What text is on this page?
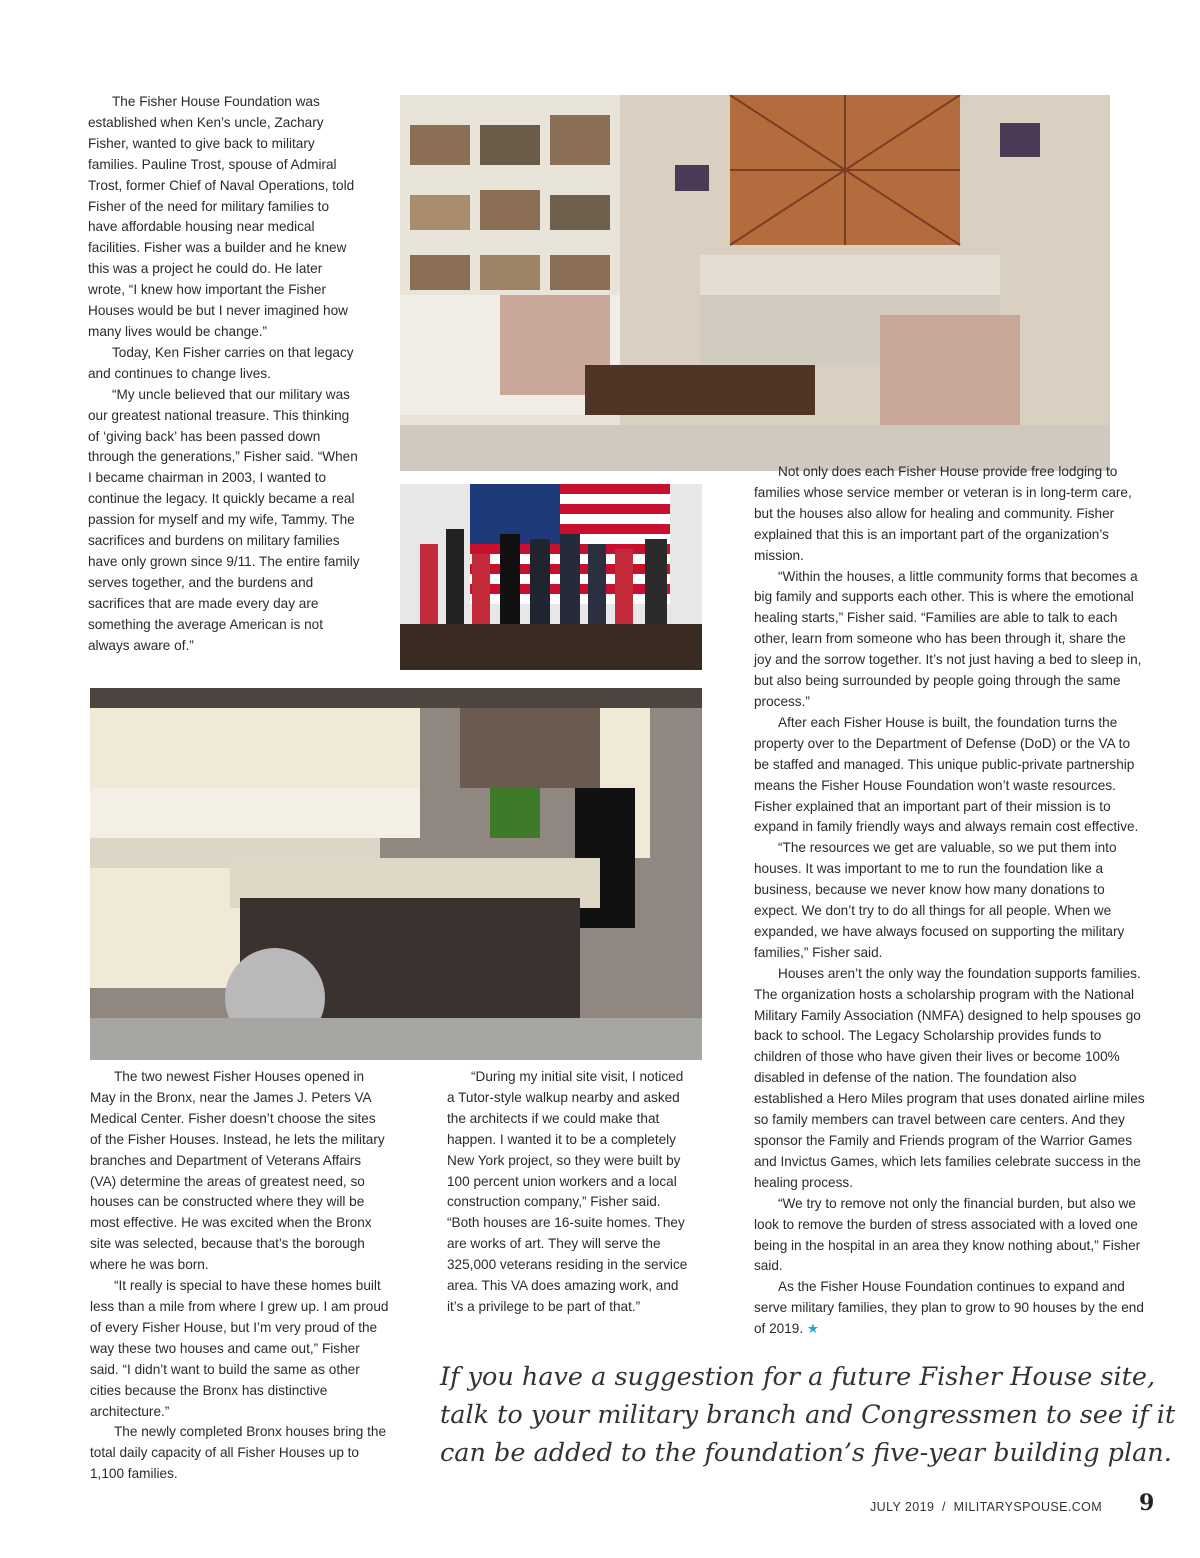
The Fisher House Foundation was established when Ken’s uncle, Zachary Fisher, wanted to give back to military families. Pauline Trost, spouse of Admiral Trost, former Chief of Naval Operations, told Fisher of the need for military families to have affordable housing near medical facilities. Fisher was a builder and he knew this was a project he could do. He later wrote, “I knew how important the Fisher Houses would be but I never imagined how many lives would be change.”

Today, Ken Fisher carries on that legacy and continues to change lives.

“My uncle believed that our military was our greatest national treasure. This thinking of ‘giving back’ has been passed down through the generations,” Fisher said. “When I became chairman in 2003, I wanted to continue the legacy. It quickly became a real passion for myself and my wife, Tammy. The sacrifices and burdens on military families have only grown since 9/11. The entire family serves together, and the burdens and sacrifices that are made every day are something the average American is not always aware of.”

Not only does each Fisher House provide free lodging to families whose service member or veteran is in long-term care, but the houses also allow for healing and community. Fisher explained that this is an important part of the organization’s mission.

“Within the houses, a little community forms that becomes a big family and supports each other. This is where the emotional healing starts,” Fisher said. “Families are able to talk to each other, learn from someone who has been through it, share the joy and the sorrow together. It’s not just having a bed to sleep in, but also being surrounded by people going through the same process.”

After each Fisher House is built, the foundation turns the property over to the Department of Defense (DoD) or the VA to be staffed and managed. This unique public-private partnership means the Fisher House Foundation won’t waste resources. Fisher explained that an important part of their mission is to expand in family friendly ways and always remain cost effective.

“The resources we get are valuable, so we put them into houses. It was important to me to run the foundation like a business, because we never know how many donations to expect. We don’t try to do all things for all people. When we expanded, we have always focused on supporting the military families,” Fisher said.

Houses aren’t the only way the foundation supports families. The organization hosts a scholarship program with the National Military Family Association (NMFA) designed to help spouses go back to school. The Legacy Scholarship provides funds to children of those who have given their lives or become 100% disabled in defense of the nation. The foundation also established a Hero Miles program that uses donated airline miles so family members can travel between care centers. And they sponsor the Family and Friends program of the Warrior Games and Invictus Games, which lets families celebrate success in the healing process.

“We try to remove not only the financial burden, but also we look to remove the burden of stress associated with a loved one being in the hospital in an area they know nothing about,” Fisher said.

As the Fisher House Foundation continues to expand and serve military families, they plan to grow to 90 houses by the end of 2019. ★

The two newest Fisher Houses opened in May in the Bronx, near the James J. Peters VA Medical Center. Fisher doesn’t choose the sites of the Fisher Houses. Instead, he lets the military branches and Department of Veterans Affairs (VA) determine the areas of greatest need, so houses can be constructed where they will be most effective. He was excited when the Bronx site was selected, because that’s the borough where he was born.

“It really is special to have these homes built less than a mile from where I grew up. I am proud of every Fisher House, but I’m very proud of the way these two houses and came out,” Fisher said. “I didn’t want to build the same as other cities because the Bronx has distinctive architecture.”

The newly completed Bronx houses bring the total daily capacity of all Fisher Houses up to 1,100 families.

“During my initial site visit, I noticed a Tutor-style walkup nearby and asked the architects if we could make that happen. I wanted it to be a completely New York project, so they were built by 100 percent union workers and a local construction company,” Fisher said. “Both houses are 16-suite homes. They are works of art. They will serve the 325,000 veterans residing in the service area. This VA does amazing work, and it’s a privilege to be part of that.”

If you have a suggestion for a future Fisher House site,

talk to your military branch and Congressmen to see if it

can be added to the foundation’s five-year building plan.

JULY 2019  /  MILITARYSPOUSE.COM 9
